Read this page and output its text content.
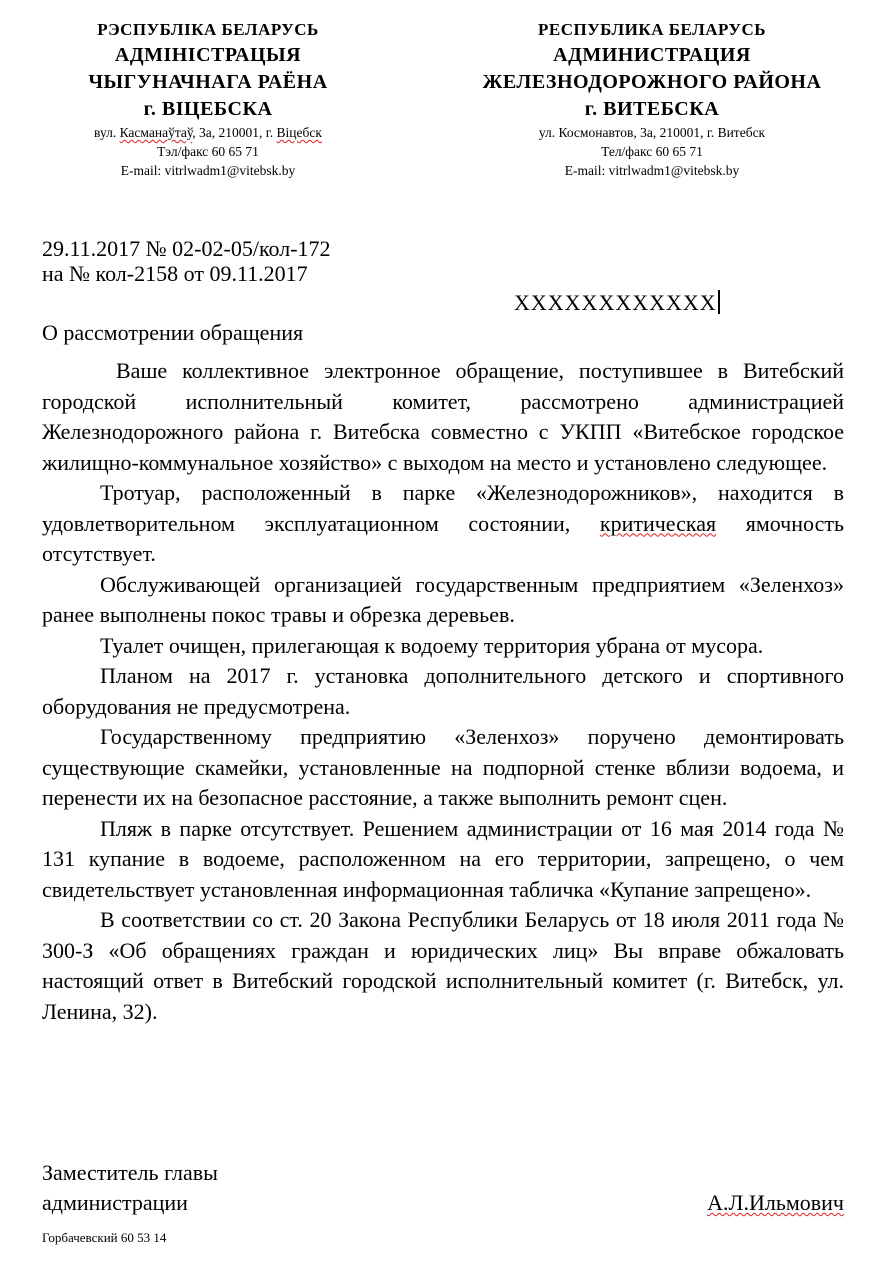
РЭСПУБЛІКА БЕЛАРУСЬ
АДМІНІСТРАЦЫЯ
ЧЫГУНАЧНАГА РАЁНА
г. ВІЦЕБСКА
вул. Касманаўтаў, 3а, 210001, г. Віцебск
Тэл/факс 60 65 71
E-mail: vitrlwadm1@vitebsk.by
РЕСПУБЛИКА БЕЛАРУСЬ
АДМИНИСТРАЦИЯ
ЖЕЛЕЗНОДОРОЖНОГО РАЙОНА
г. ВИТЕБСКА
ул. Космонавтов, 3а, 210001, г. Витебск
Тел/факс 60 65 71
E-mail: vitrlwadm1@vitebsk.by
29.11.2017 № 02-02-05/кол-172
на № кол-2158 от 09.11.2017
ХХХХХХХХХХХХ
О рассмотрении обращения

Ваше коллективное электронное обращение, поступившее в Витебский городской исполнительный комитет, рассмотрено администрацией Железнодорожного района г. Витебска совместно с УКПП «Витебское городское жилищно-коммунальное хозяйство» с выходом на место и установлено следующее.

Тротуар, расположенный в парке «Железнодорожников», находится в удовлетворительном эксплуатационном состоянии, критическая ямочность отсутствует.

Обслуживающей организацией государственным предприятием «Зеленхоз» ранее выполнены покос травы и обрезка деревьев.

Туалет очищен, прилегающая к водоему территория убрана от мусора.

Планом на 2017 г. установка дополнительного детского и спортивного оборудования не предусмотрена.

Государственному предприятию «Зеленхоз» поручено демонтировать существующие скамейки, установленные на подпорной стенке вблизи водоема, и перенести их на безопасное расстояние, а также выполнить ремонт сцен.

Пляж в парке отсутствует. Решением администрации от 16 мая 2014 года № 131 купание в водоеме, расположенном на его территории, запрещено, о чем свидетельствует установленная информационная табличка «Купание запрещено».

В соответствии со ст. 20 Закона Республики Беларусь от 18 июля 2011 года № 300-З «Об обращениях граждан и юридических лиц» Вы вправе обжаловать настоящий ответ в Витебский городской исполнительный комитет (г. Витебск, ул. Ленина, 32).

Заместитель главы
администрации	А.Л.Ильмович
Горбачевский 60 53 14
